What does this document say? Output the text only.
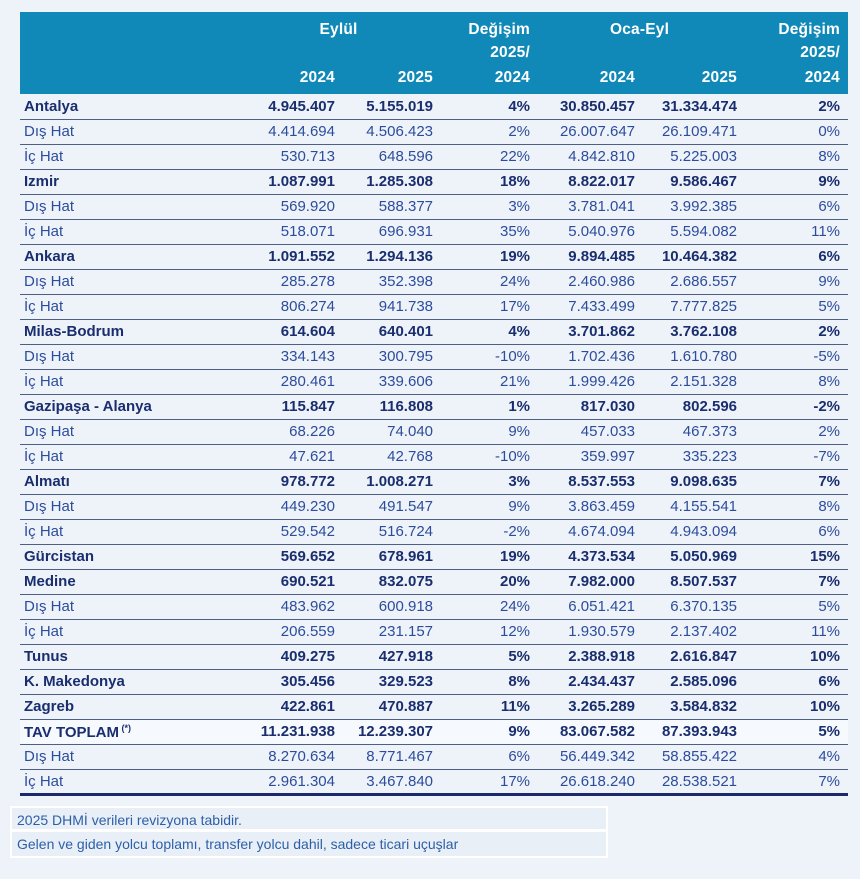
	Eylül		Değişim	Oca-Eyl		Değişim
			2025/			2025/
	2024	2025	2024	2024	2025	2024
Antalya	4.945.407	5.155.019	4%	30.850.457	31.334.474	2%
Dış Hat	4.414.694	4.506.423	2%	26.007.647	26.109.471	0%
İç Hat	530.713	648.596	22%	4.842.810	5.225.003	8%
Izmir	1.087.991	1.285.308	18%	8.822.017	9.586.467	9%
Dış Hat	569.920	588.377	3%	3.781.041	3.992.385	6%
İç Hat	518.071	696.931	35%	5.040.976	5.594.082	11%
Ankara	1.091.552	1.294.136	19%	9.894.485	10.464.382	6%
Dış Hat	285.278	352.398	24%	2.460.986	2.686.557	9%
İç Hat	806.274	941.738	17%	7.433.499	7.777.825	5%
Milas-Bodrum	614.604	640.401	4%	3.701.862	3.762.108	2%
Dış Hat	334.143	300.795	-10%	1.702.436	1.610.780	-5%
İç Hat	280.461	339.606	21%	1.999.426	2.151.328	8%
Gazipaşa - Alanya	115.847	116.808	1%	817.030	802.596	-2%
Dış Hat	68.226	74.040	9%	457.033	467.373	2%
İç Hat	47.621	42.768	-10%	359.997	335.223	-7%
Almatı	978.772	1.008.271	3%	8.537.553	9.098.635	7%
Dış Hat	449.230	491.547	9%	3.863.459	4.155.541	8%
İç Hat	529.542	516.724	-2%	4.674.094	4.943.094	6%
Gürcistan	569.652	678.961	19%	4.373.534	5.050.969	15%
Medine	690.521	832.075	20%	7.982.000	8.507.537	7%
Dış Hat	483.962	600.918	24%	6.051.421	6.370.135	5%
İç Hat	206.559	231.157	12%	1.930.579	2.137.402	11%
Tunus	409.275	427.918	5%	2.388.918	2.616.847	10%
K. Makedonya	305.456	329.523	8%	2.434.437	2.585.096	6%
Zagreb	422.861	470.887	11%	3.265.289	3.584.832	10%
TAV TOPLAM (*)	11.231.938	12.239.307	9%	83.067.582	87.393.943	5%
Dış Hat	8.270.634	8.771.467	6%	56.449.342	58.855.422	4%
İç Hat	2.961.304	3.467.840	17%	26.618.240	28.538.521	7%
2025 DHMİ verileri revizyona tabidir.
Gelen ve giden yolcu toplamı, transfer yolcu dahil, sadece ticari uçuşlar
